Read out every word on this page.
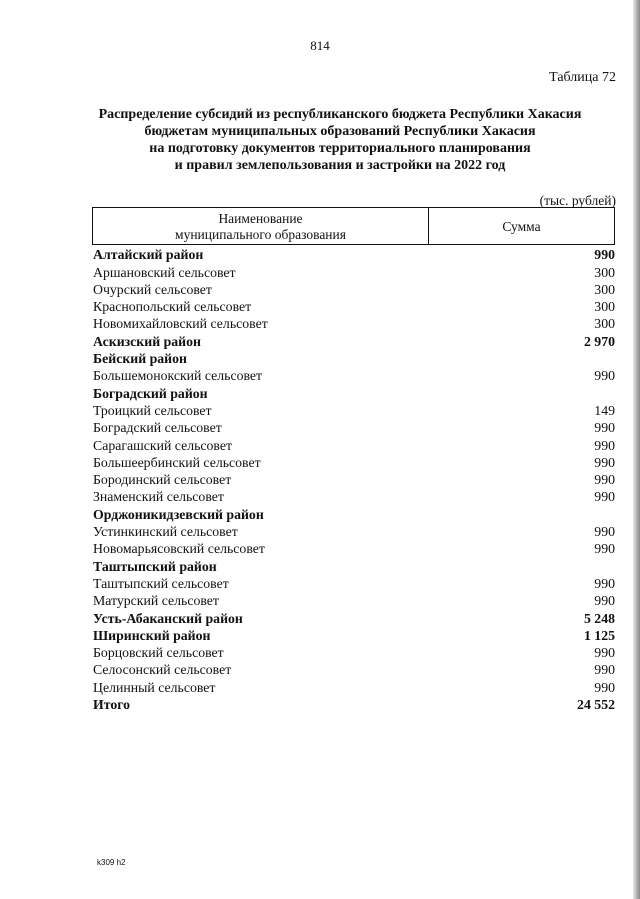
814
Таблица 72
Распределение субсидий из республиканского бюджета Республики Хакасия
бюджетам муниципальных образований Республики Хакасия
на подготовку документов территориального планирования
и правил землепользования и застройки на 2022 год
(тыс. рублей)
Наименование
муниципального образования
Сумма
Алтайский район	990
Аршановский сельсовет	300
Очурский сельсовет	300
Краснопольский сельсовет	300
Новомихайловский сельсовет	300
Аскизский район	2 970
Бейский район
Большемонокский сельсовет	990
Боградский район
Троицкий сельсовет	149
Боградский сельсовет	990
Сарагашский сельсовет	990
Большеербинский сельсовет	990
Бородинский сельсовет	990
Знаменский сельсовет	990
Орджоникидзевский район
Устинкинский сельсовет	990
Новомарьясовский сельсовет	990
Таштыпский район
Таштыпский сельсовет	990
Матурский сельсовет	990
Усть-Абаканский район	5 248
Ширинский район	1 125
Борцовский сельсовет	990
Селосонский сельсовет	990
Целинный сельсовет	990
Итого	24 552
k309 h2
